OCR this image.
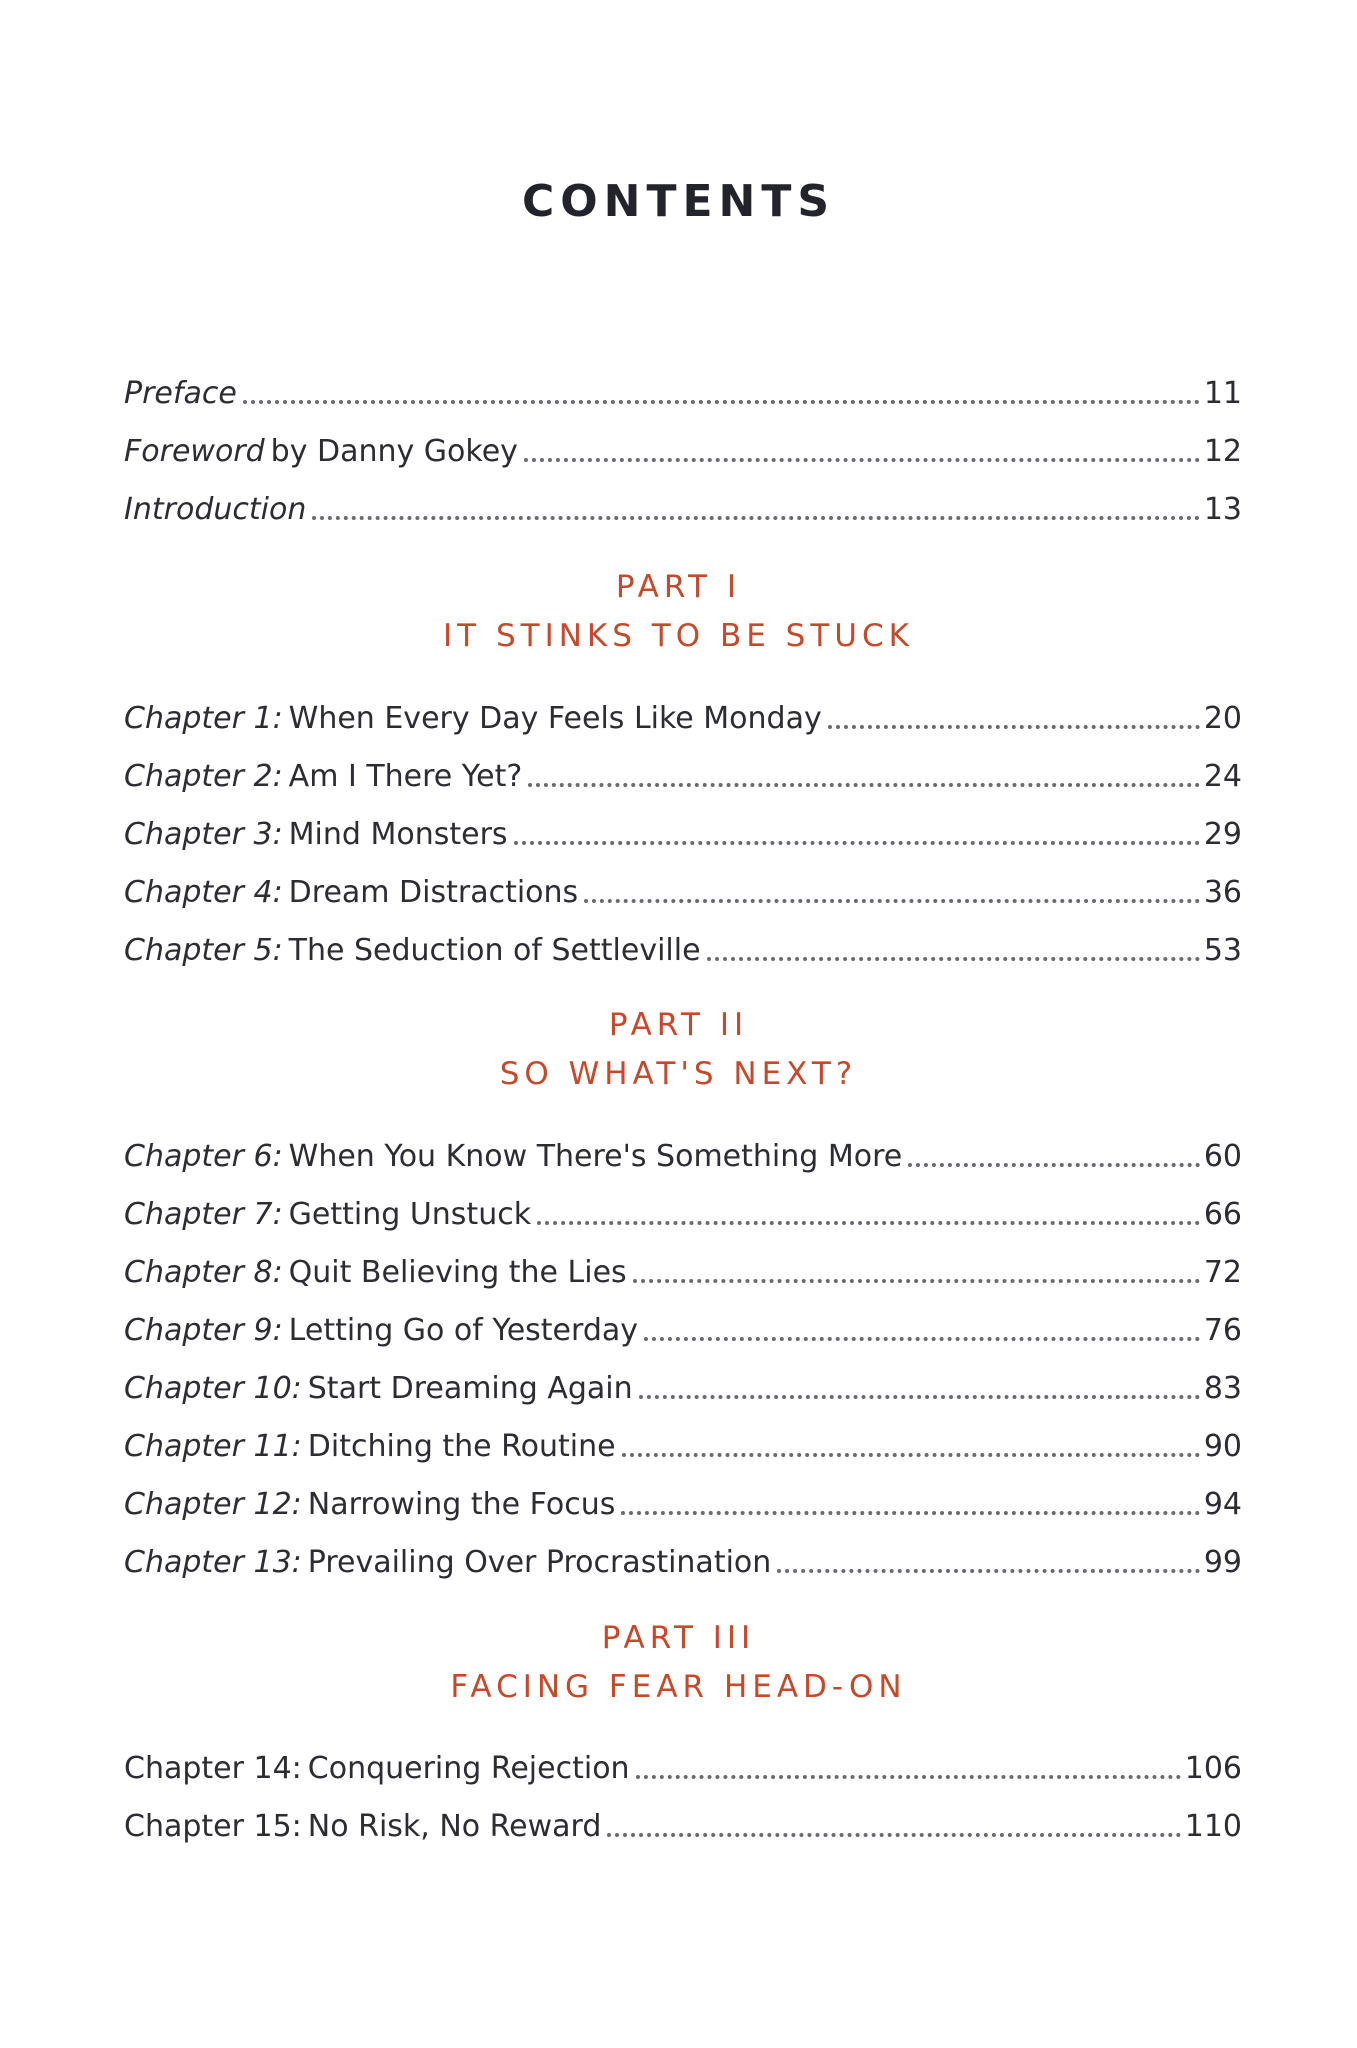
CONTENTS
Preface	11
Foreword by Danny Gokey	12
Introduction	13
PART I
IT STINKS TO BE STUCK
Chapter 1: When Every Day Feels Like Monday	20
Chapter 2: Am I There Yet?	24
Chapter 3: Mind Monsters	29
Chapter 4: Dream Distractions	36
Chapter 5: The Seduction of Settleville	53
PART II
SO WHAT'S NEXT?
Chapter 6: When You Know There's Something More	60
Chapter 7: Getting Unstuck	66
Chapter 8: Quit Believing the Lies	72
Chapter 9: Letting Go of Yesterday	76
Chapter 10: Start Dreaming Again	83
Chapter 11: Ditching the Routine	90
Chapter 12: Narrowing the Focus	94
Chapter 13: Prevailing Over Procrastination	99
PART III
FACING FEAR HEAD-ON
Chapter 14: Conquering Rejection	106
Chapter 15: No Risk, No Reward	110
